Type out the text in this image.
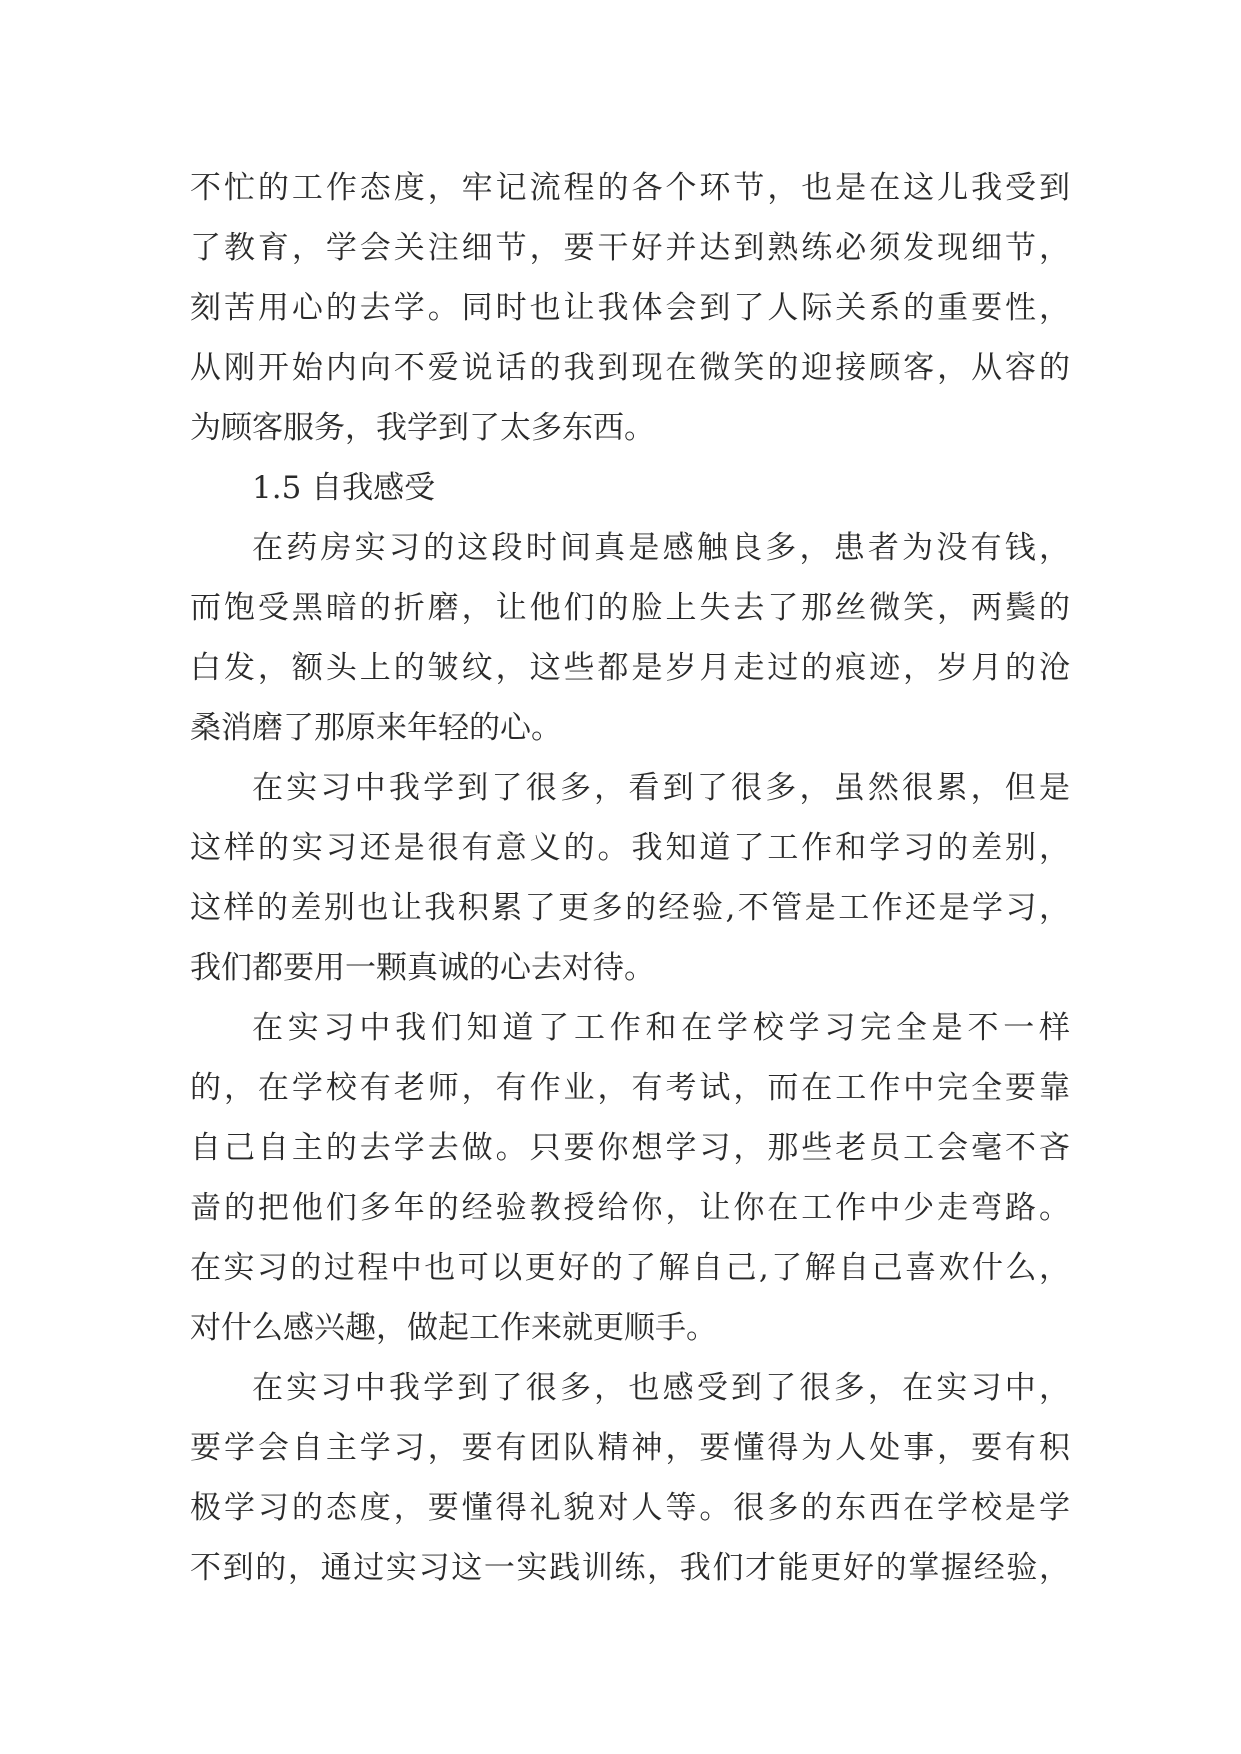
不忙的工作态度，牢记流程的各个环节，也是在这儿我受到
了教育，学会关注细节，要干好并达到熟练必须发现细节，
刻苦用心的去学。同时也让我体会到了人际关系的重要性，
从刚开始内向不爱说话的我到现在微笑的迎接顾客，从容的
为顾客服务，我学到了太多东西。
1.5 自我感受
在药房实习的这段时间真是感触良多，患者为没有钱，
而饱受黑暗的折磨，让他们的脸上失去了那丝微笑，两鬓的
白发，额头上的皱纹，这些都是岁月走过的痕迹，岁月的沧
桑消磨了那原来年轻的心。
在实习中我学到了很多，看到了很多，虽然很累，但是
这样的实习还是很有意义的。我知道了工作和学习的差别，
这样的差别也让我积累了更多的经验,不管是工作还是学习，
我们都要用一颗真诚的心去对待。
在实习中我们知道了工作和在学校学习完全是不一样
的，在学校有老师，有作业，有考试，而在工作中完全要靠
自己自主的去学去做。只要你想学习，那些老员工会毫不吝
啬的把他们多年的经验教授给你，让你在工作中少走弯路。
在实习的过程中也可以更好的了解自己,了解自己喜欢什么，
对什么感兴趣，做起工作来就更顺手。
在实习中我学到了很多，也感受到了很多，在实习中，
要学会自主学习，要有团队精神，要懂得为人处事，要有积
极学习的态度，要懂得礼貌对人等。很多的东西在学校是学
不到的，通过实习这一实践训练，我们才能更好的掌握经验，
